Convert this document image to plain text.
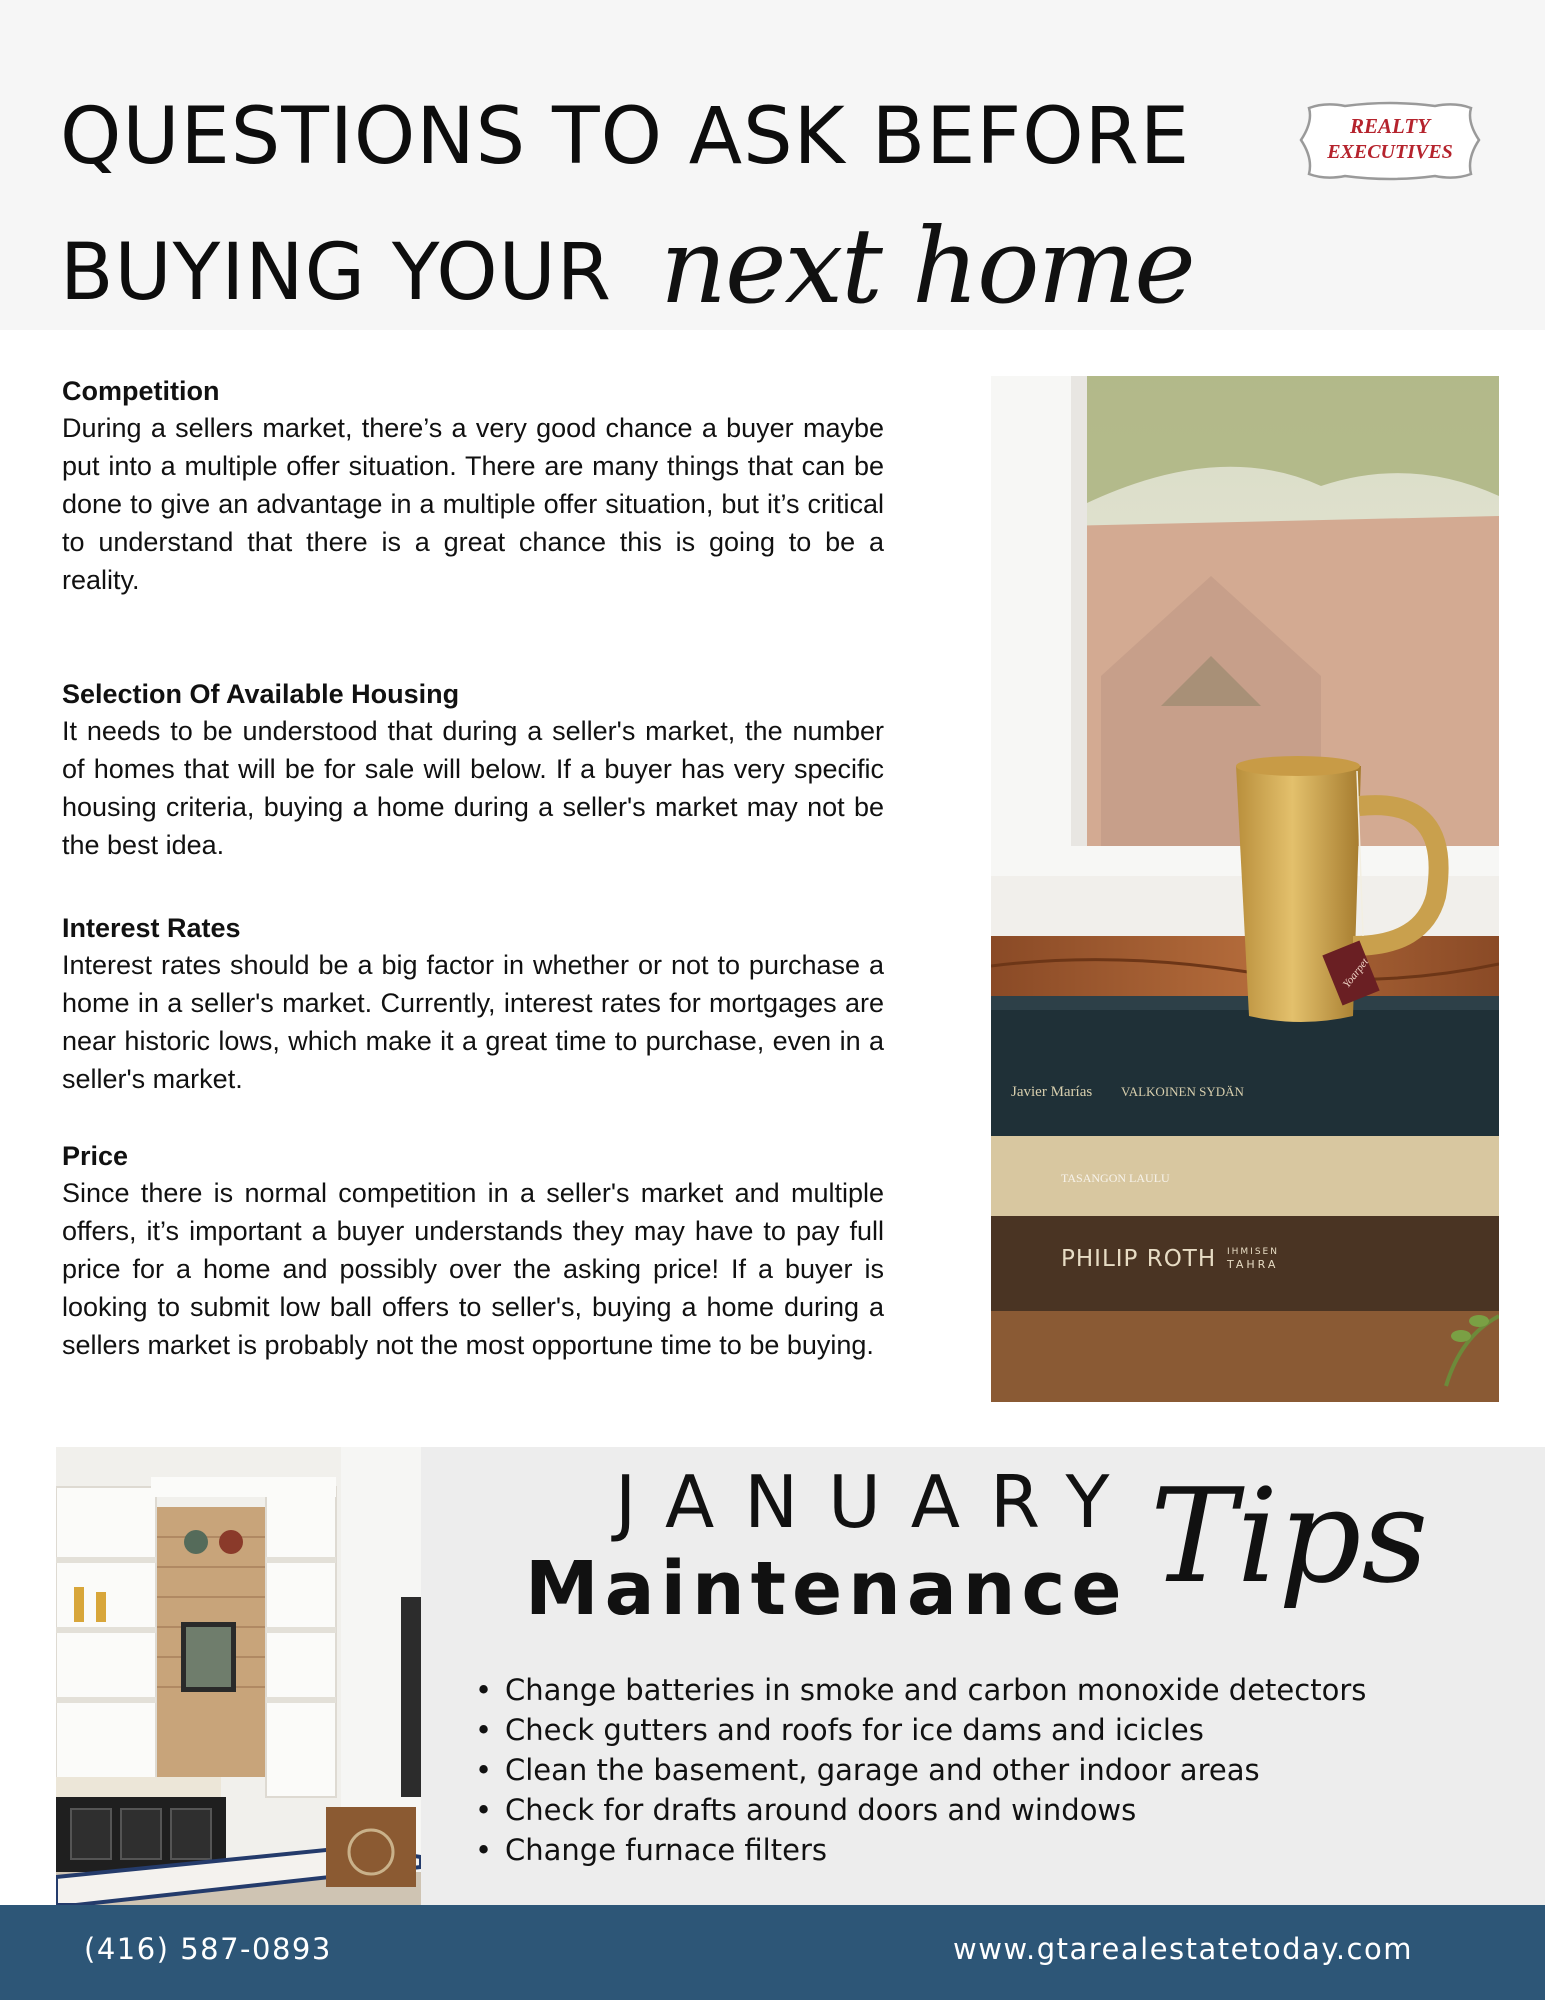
QUESTIONS TO ASK BEFORE
BUYING YOUR next home
REALTY
EXECUTIVES

Competition

During a sellers market, there’s a very good chance a buyer maybe put into a multiple offer situation. There are many things that can be done to give an advantage in a multiple offer situation, but it’s critical to understand that there is a great chance this is going to be a reality.

Selection Of Available Housing

It needs to be understood that during a seller's market, the number of homes that will be for sale will below. If a buyer has very specific housing criteria, buying a home during a seller's market may not be the best idea.

Interest Rates

Interest rates should be a big factor in whether or not to purchase a home in a seller's market. Currently, interest rates for mortgages are near historic lows, which make it a great time to purchase, even in a seller's market.

Price

Since there is normal competition in a seller's market and multiple offers, it’s important a buyer understands they may have to pay full price for a home and possibly over the asking price! If a buyer is looking to submit low ball offers to seller's, buying a home during a sellers market is probably not the most opportune time to be buying.

Javier Marías VALKOINEN SYDÄN
TASANGON LAULU
PHILIP ROTH IHMISEN
TAHRA
Yoarpet
JANUARY
Maintenance Tips
• Change batteries in smoke and carbon monoxide detectors
• Check gutters and roofs for ice dams and icicles
• Clean the basement, garage and other indoor areas
• Check for drafts around doors and windows
• Change furnace filters
(416) 587-0893	www.gtarealestatetoday.com
